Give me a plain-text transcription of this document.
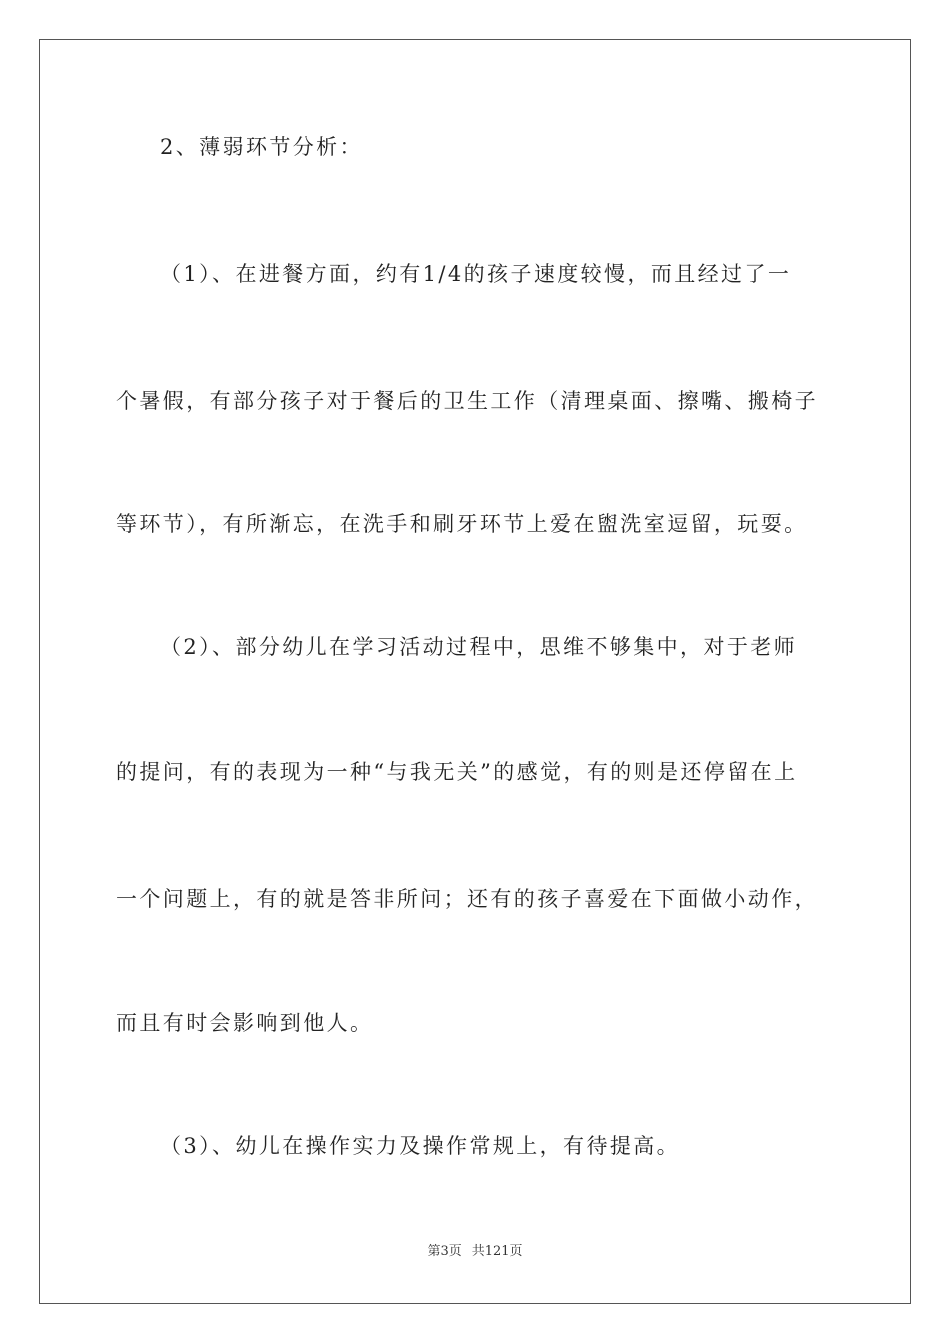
2、薄弱环节分析：
（1）、在进餐方面，约有1/4的孩子速度较慢，而且经过了一
个暑假，有部分孩子对于餐后的卫生工作（清理桌面、擦嘴、搬椅子
等环节），有所渐忘，在洗手和刷牙环节上爱在盥洗室逗留，玩耍。
（2）、部分幼儿在学习活动过程中，思维不够集中，对于老师
的提问，有的表现为一种“与我无关”的感觉，有的则是还停留在上
一个问题上，有的就是答非所问；还有的孩子喜爱在下面做小动作，
而且有时会影响到他人。
（3）、幼儿在操作实力及操作常规上，有待提高。
第3页 共121页
